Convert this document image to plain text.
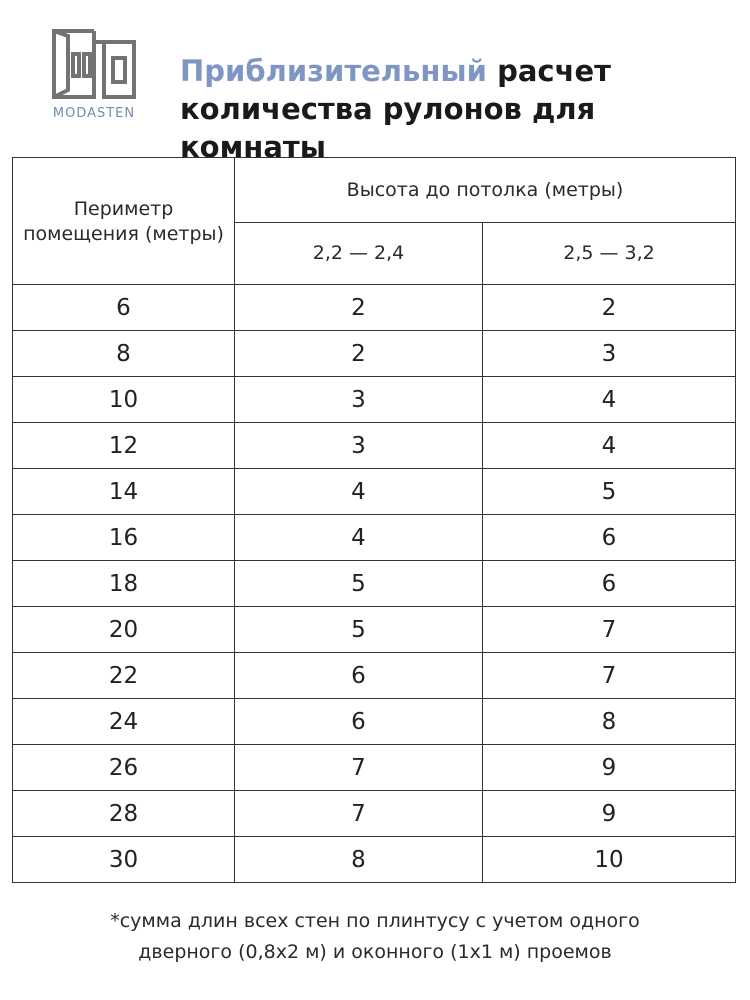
MODASTEN
Приблизительный расчет
количества рулонов для комнаты
Периметр помещения (метры)	Высота до потолка (метры)	
	2,2 — 2,4	2,5 — 3,2
6	2	2
8	2	3
10	3	4
12	3	4
14	4	5
16	4	6
18	5	6
20	5	7
22	6	7
24	6	8
26	7	9
28	7	9
30	8	10
*сумма длин всех стен по плинтусу с учетом одного
дверного (0,8х2 м) и оконного (1х1 м) проемов
